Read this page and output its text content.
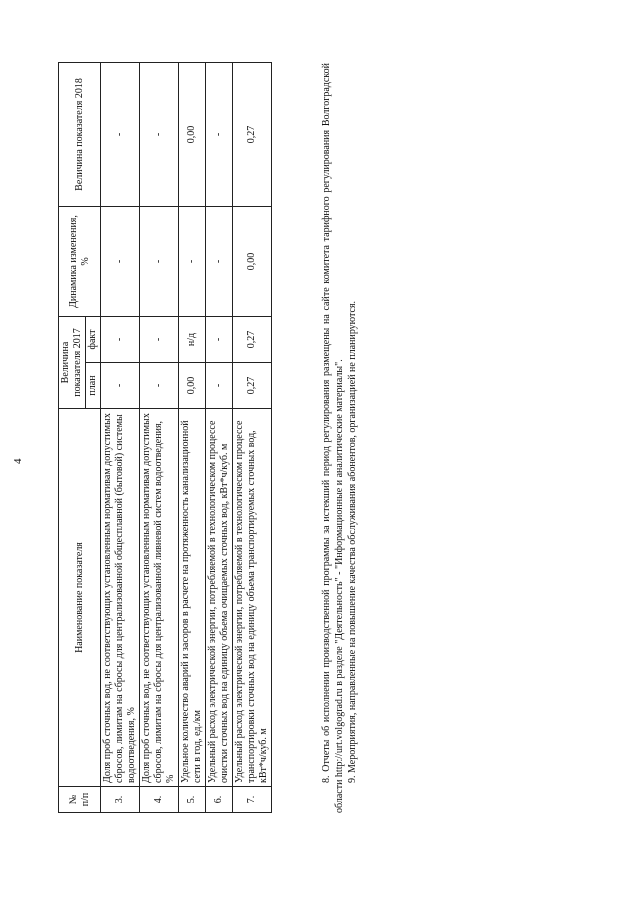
4
№ п/п	Наименование показателя	Величина показателя 2017		Динамика изменения, %	Величина показателя 2018
		план	факт		
3.	Доля проб сточных вод, не соответствующих установленным нормативам допустимых сбросов, лимитам на сбросы для централизованной общесплавной (бытовой) системы водоотведения, %	-	-	-	-
4.	Доля проб сточных вод, не соответствующих установленным нормативам допустимых сбросов, лимитам на сбросы для централизованной ливневой систем водоотведения, %	-	-	-	-
5.	Удельное количество аварий и засоров в расчете на протяженность канализационной сети в год, ед./км	0,00	н/д	-	0,00
6.	Удельный расход электрической энергии, потребляемой в технологическом процессе очистки сточных вод на единицу объема очищаемых сточных вод, кВт*ч/куб. м	-	-	-	-
7.	Удельный расход электрической энергии, потребляемой в технологическом процессе транспортировки сточных вод на единицу объема транспортируемых сточных вод, кВт*ч/куб. м	0,27	0,27	0,00	0,27	8. Отчеты об исполнении производственной программы за истекший период регулирования размещены на сайте комитета тарифного регулирования Волгоградской области http://urt.volgograd.ru в разделе "Деятельность" - "Информационные и аналитические материалы". 9. Мероприятия, направленные на повышение качества обслуживания абонентов, организацией не планируются.
